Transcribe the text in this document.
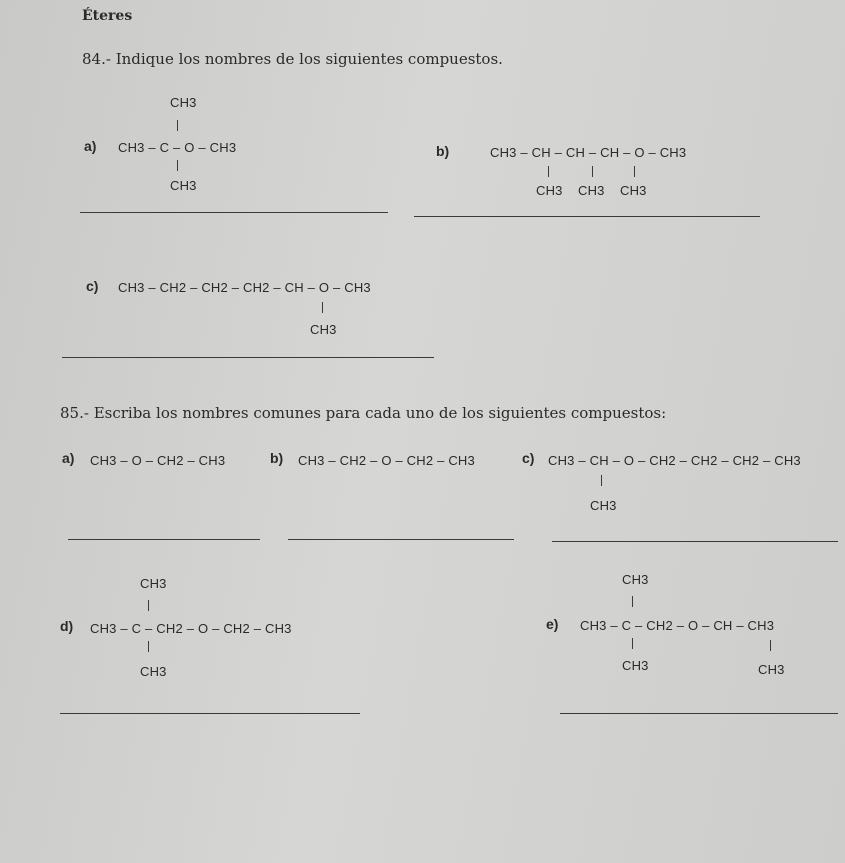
Éteres
84.- Indique los nombres de los siguientes compuestos.
a)
CH3
CH3 – C – O – CH3
CH3
b)	CH3 – CH – CH – CH – O – CH3
CH3 CH3 CH3
c) CH3 – CH2 – CH2 – CH2 – CH – O – CH3
CH3
85.- Escriba los nombres comunes para cada uno de los siguientes compuestos:
a) CH3 – O – CH2 – CH3	b) CH3 – CH2 – O – CH2 – CH3	c) CH3 – CH – O – CH2 – CH2 – CH2 – CH3
CH3
d)
CH3
CH3 – C – CH2 – O – CH2 – CH3
CH3
e)
CH3
CH3 – C – CH2 – O – CH – CH3
CH3	CH3
